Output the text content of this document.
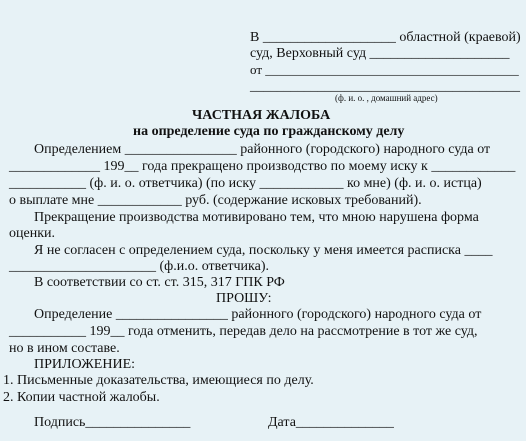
В ___________________ областной (краевой)
суд, Верховный суд ____________________
от _______________________________________
________________________________________
(ф. и. о. , домашний адрес)
ЧАСТНАЯ ЖАЛОБА
на определение суда по гражданскому делу
Определением ________________ районного (городского) народного суда от
_____________ 199__ года прекращено производство по моему иску к ____________
___________ (ф. и. о. ответчика) (по иску ____________ ко мне) (ф. и. о. истца)
о выплате мне ____________ руб. (содержание исковых требований).
Прекращение производства мотивировано тем, что мною нарушена форма
оценки.
Я не согласен с определением суда, поскольку у меня имеется расписка ____
_____________________ (ф.и.о. ответчика).
В соответствии со ст. ст. 315, 317 ГПК РФ
ПРОШУ:
Определение ________________ районного (городского) народного суда от
___________ 199__ года отменить, передав дело на рассмотрение в тот же суд,
но в ином составе.
ПРИЛОЖЕНИЕ:
1. Письменные доказательства, имеющиеся по делу.
2. Копии частной жалобы.
Подпись_______________	Дата______________
